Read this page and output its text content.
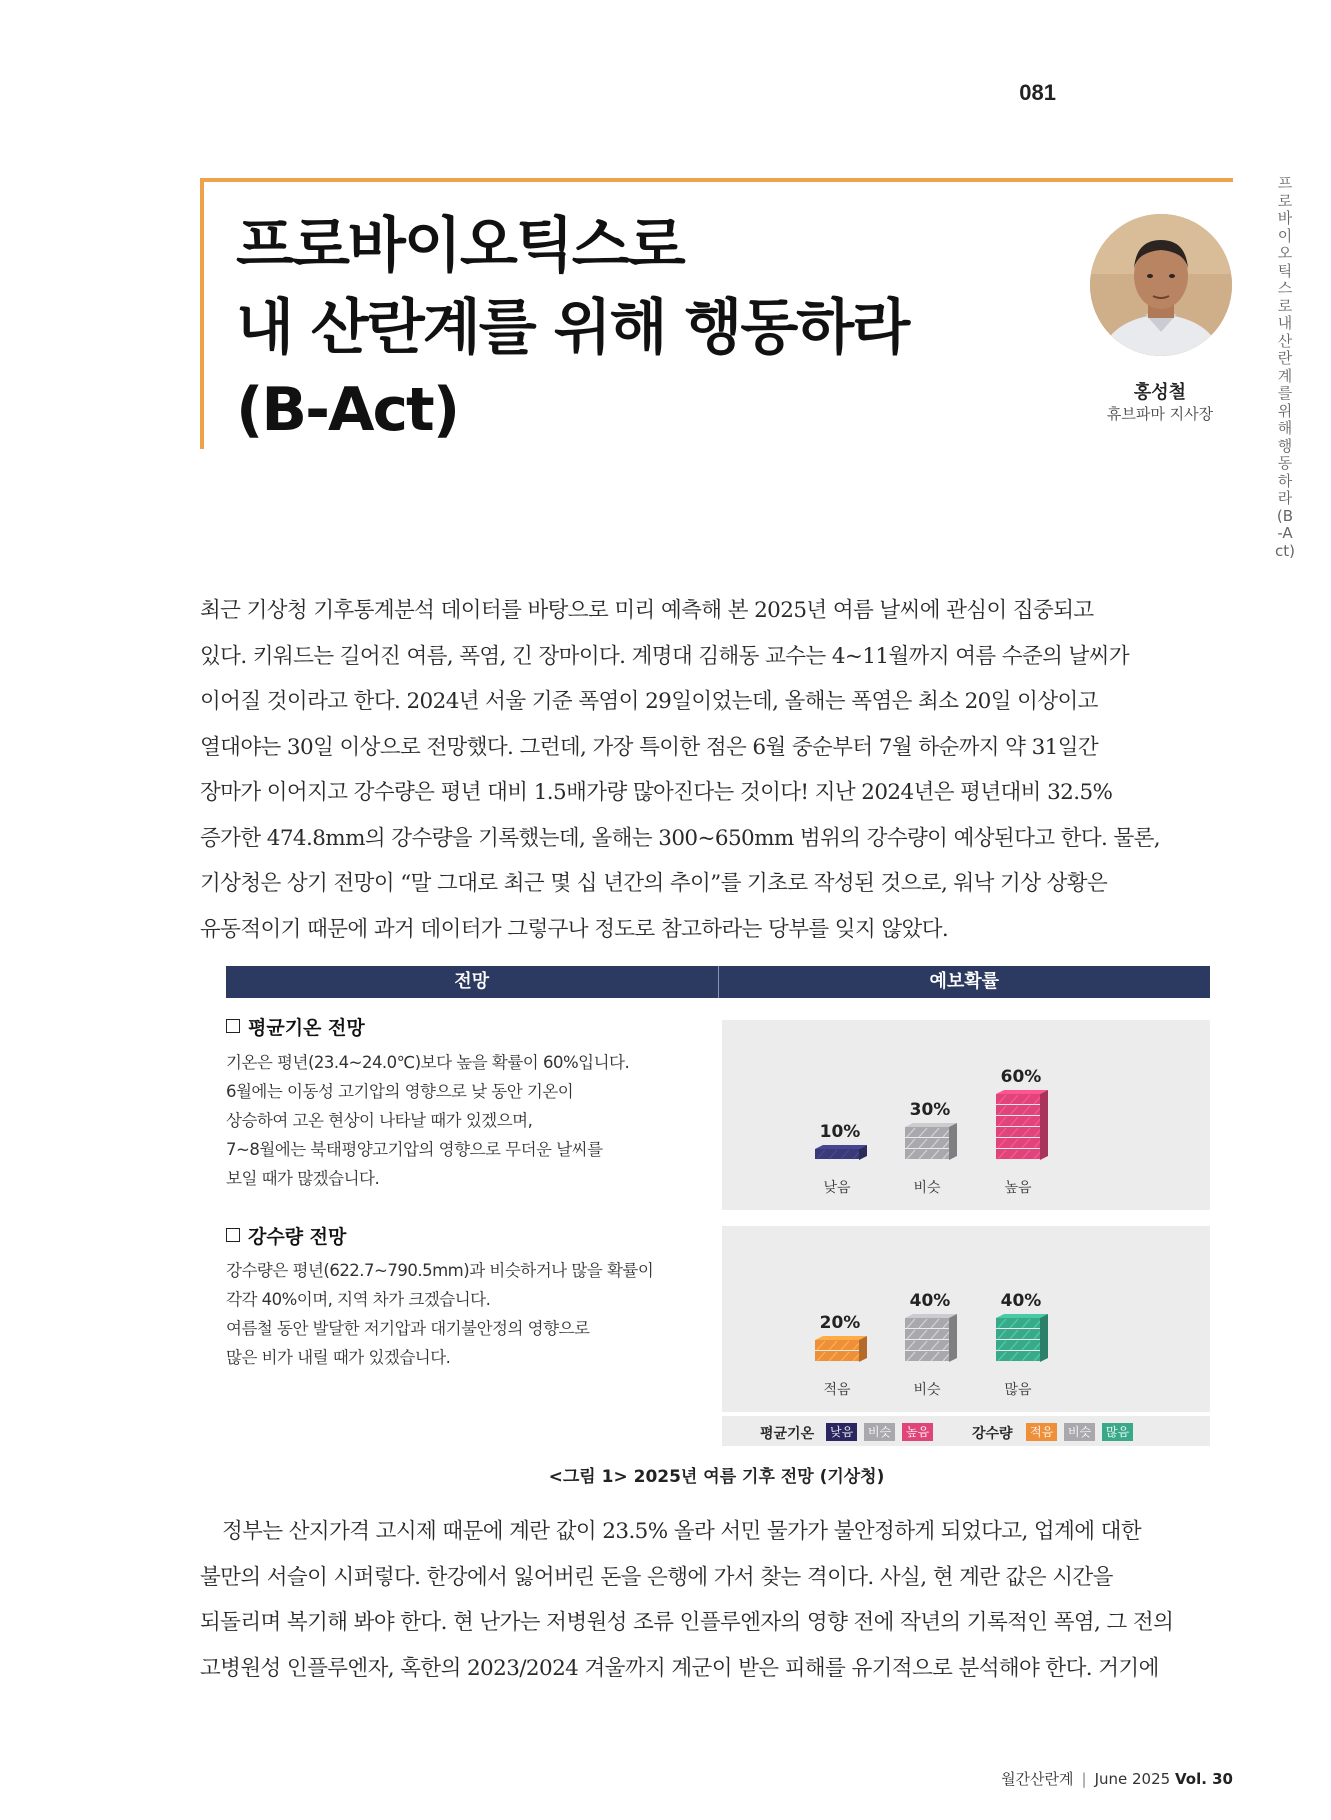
081
프로바이오틱스로
내 산란계를 위해 행동하라
(B-Act)	홍성철
휴브파마 지사장
프로바이오틱스로 내 산란계를 위해 행동하라 (B-Act)
최근 기상청 기후통계분석 데이터를 바탕으로 미리 예측해 본 2025년 여름 날씨에 관심이 집중되고
있다. 키워드는 길어진 여름, 폭염, 긴 장마이다. 계명대 김해동 교수는 4~11월까지 여름 수준의 날씨가
이어질 것이라고 한다. 2024년 서울 기준 폭염이 29일이었는데, 올해는 폭염은 최소 20일 이상이고
열대야는 30일 이상으로 전망했다. 그런데, 가장 특이한 점은 6월 중순부터 7월 하순까지 약 31일간
장마가 이어지고 강수량은 평년 대비 1.5배가량 많아진다는 것이다! 지난 2024년은 평년대비 32.5%
증가한 474.8mm의 강수량을 기록했는데, 올해는 300~650mm 범위의 강수량이 예상된다고 한다. 물론,
기상청은 상기 전망이 “말 그대로 최근 몇 십 년간의 추이”를 기초로 작성된 것으로, 워낙 기상 상황은
유동적이기 때문에 과거 데이터가 그렇구나 정도로 참고하라는 당부를 잊지 않았다.
전망	예보확률
평균기온 전망
기온은 평년(23.4~24.0℃)보다 높을 확률이 60%입니다.
6월에는 이동성 고기압의 영향으로 낮 동안 기온이
상승하여 고온 현상이 나타날 때가 있겠으며,
7~8월에는 북태평양고기압의 영향으로 무더운 날씨를
보일 때가 많겠습니다.
10%
낮음
30%
비슷
60%
높음
강수량 전망
강수량은 평년(622.7~790.5mm)과 비슷하거나 많을 확률이
각각 40%이며, 지역 차가 크겠습니다.
여름철 동안 발달한 저기압과 대기불안정의 영향으로
많은 비가 내릴 때가 있겠습니다.
20%
적음
40%
비슷
40%
많음
평균기온	낮음	비슷	높음	강수량	적음	비슷	많음
<그림 1> 2025년 여름 기후 전망 (기상청)
정부는 산지가격 고시제 때문에 계란 값이 23.5% 올라 서민 물가가 불안정하게 되었다고, 업계에 대한
불만의 서슬이 시퍼렇다. 한강에서 잃어버린 돈을 은행에 가서 찾는 격이다. 사실, 현 계란 값은 시간을
되돌리며 복기해 봐야 한다. 현 난가는 저병원성 조류 인플루엔자의 영향 전에 작년의 기록적인 폭염, 그 전의
고병원성 인플루엔자, 혹한의 2023/2024 겨울까지 계군이 받은 피해를 유기적으로 분석해야 한다. 거기에
월간산란계 | June 2025 Vol. 30
